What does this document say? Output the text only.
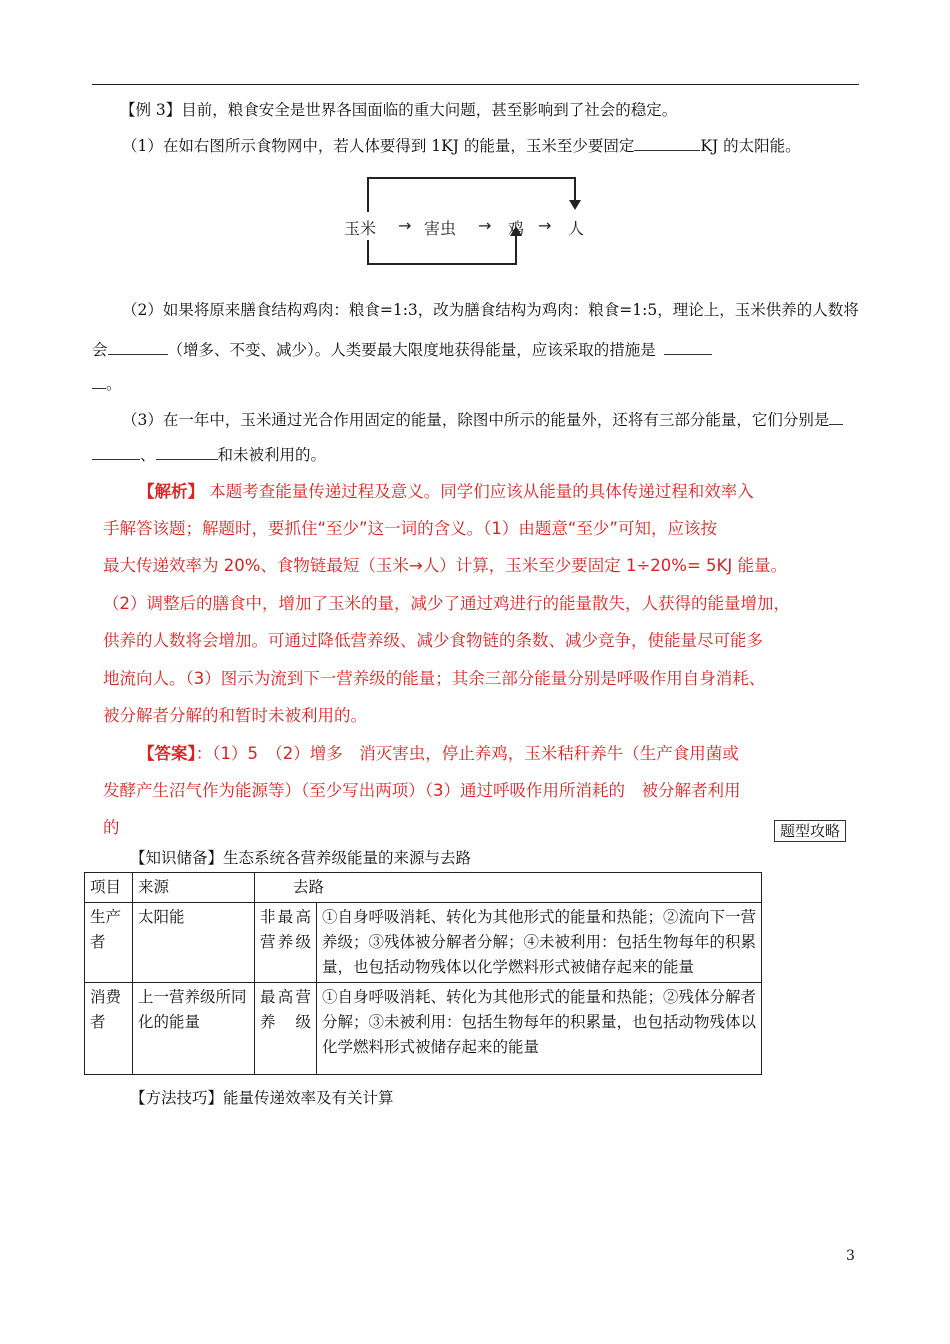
【例 3】目前，粮食安全是世界各国面临的重大问题，甚至影响到了社会的稳定。
（1）在如右图所示食物网中，若人体要得到 1KJ 的能量，玉米至少要固定	KJ 的太阳能。
玉米 → 害虫 → 鸡 → 人
（2）如果将原来膳食结构鸡肉：粮食=1:3，改为膳食结构为鸡肉：粮食=1:5，理论上，玉米供养的人数将
会	（增多、不变、减少）。人类要最大限度地获得能量，应该采取的措施是
。
（3）在一年中，玉米通过光合作用固定的能量，除图中所示的能量外，还将有三部分能量，它们分别是
、	和未被利用的。
【解析】 本题考查能量传递过程及意义。同学们应该从能量的具体传递过程和效率入
手解答该题；解题时，要抓住“至少”这一词的含义。（1）由题意“至少”可知，应该按
最大传递效率为 20%、食物链最短（玉米→人）计算，玉米至少要固定 1÷20%= 5KJ 能量。
（2）调整后的膳食中，增加了玉米的量，减少了通过鸡进行的能量散失，人获得的能量增加，
供养的人数将会增加。可通过降低营养级、减少食物链的条数、减少竞争，使能量尽可能多
地流向人。（3）图示为流到下一营养级的能量；其余三部分能量分别是呼吸作用自身消耗、
被分解者分解的和暂时未被利用的。
【答案】：（1）5　（2）增多　消灭害虫，停止养鸡，玉米秸秆养牛（生产食用菌或
发酵产生沼气作为能源等）（至少写出两项）（3）通过呼吸作用所消耗的　被分解者利用
的	题型攻略
【知识储备】生态系统各营养级能量的来源与去路
项目	来源	去路	
生产者	太阳能	非最高营养级	①自身呼吸消耗、转化为其他形式的能量和热能；②流向下一营养级；③残体被分解者分解；④未被利用：包括生物每年的积累量，也包括动物残体以化学燃料形式被储存起来的能量
消费者	上一营养级所同化的能量	最高营养级	①自身呼吸消耗、转化为其他形式的能量和热能；②残体分解者分解；③未被利用：包括生物每年的积累量，也包括动物残体以化学燃料形式被储存起来的能量
【方法技巧】能量传递效率及有关计算
3
